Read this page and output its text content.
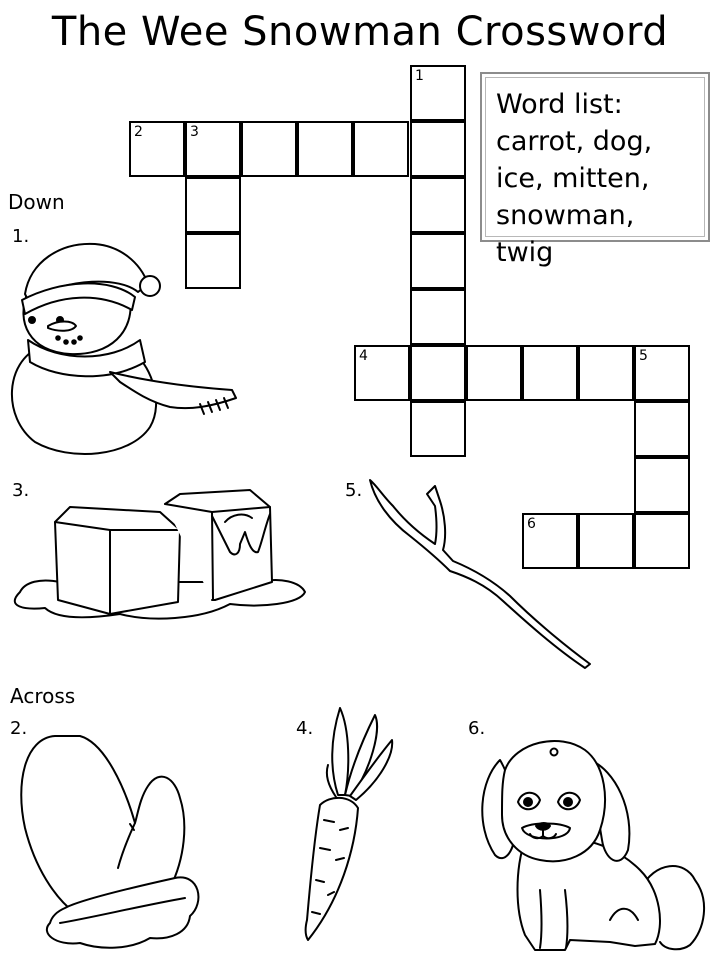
The Wee Snowman Crossword
1
2	3
4	5
6
Word list:
carrot, dog,
ice, mitten,
snowman, twig
Down
Across
1.
3.	5.
2.	4.	6.
